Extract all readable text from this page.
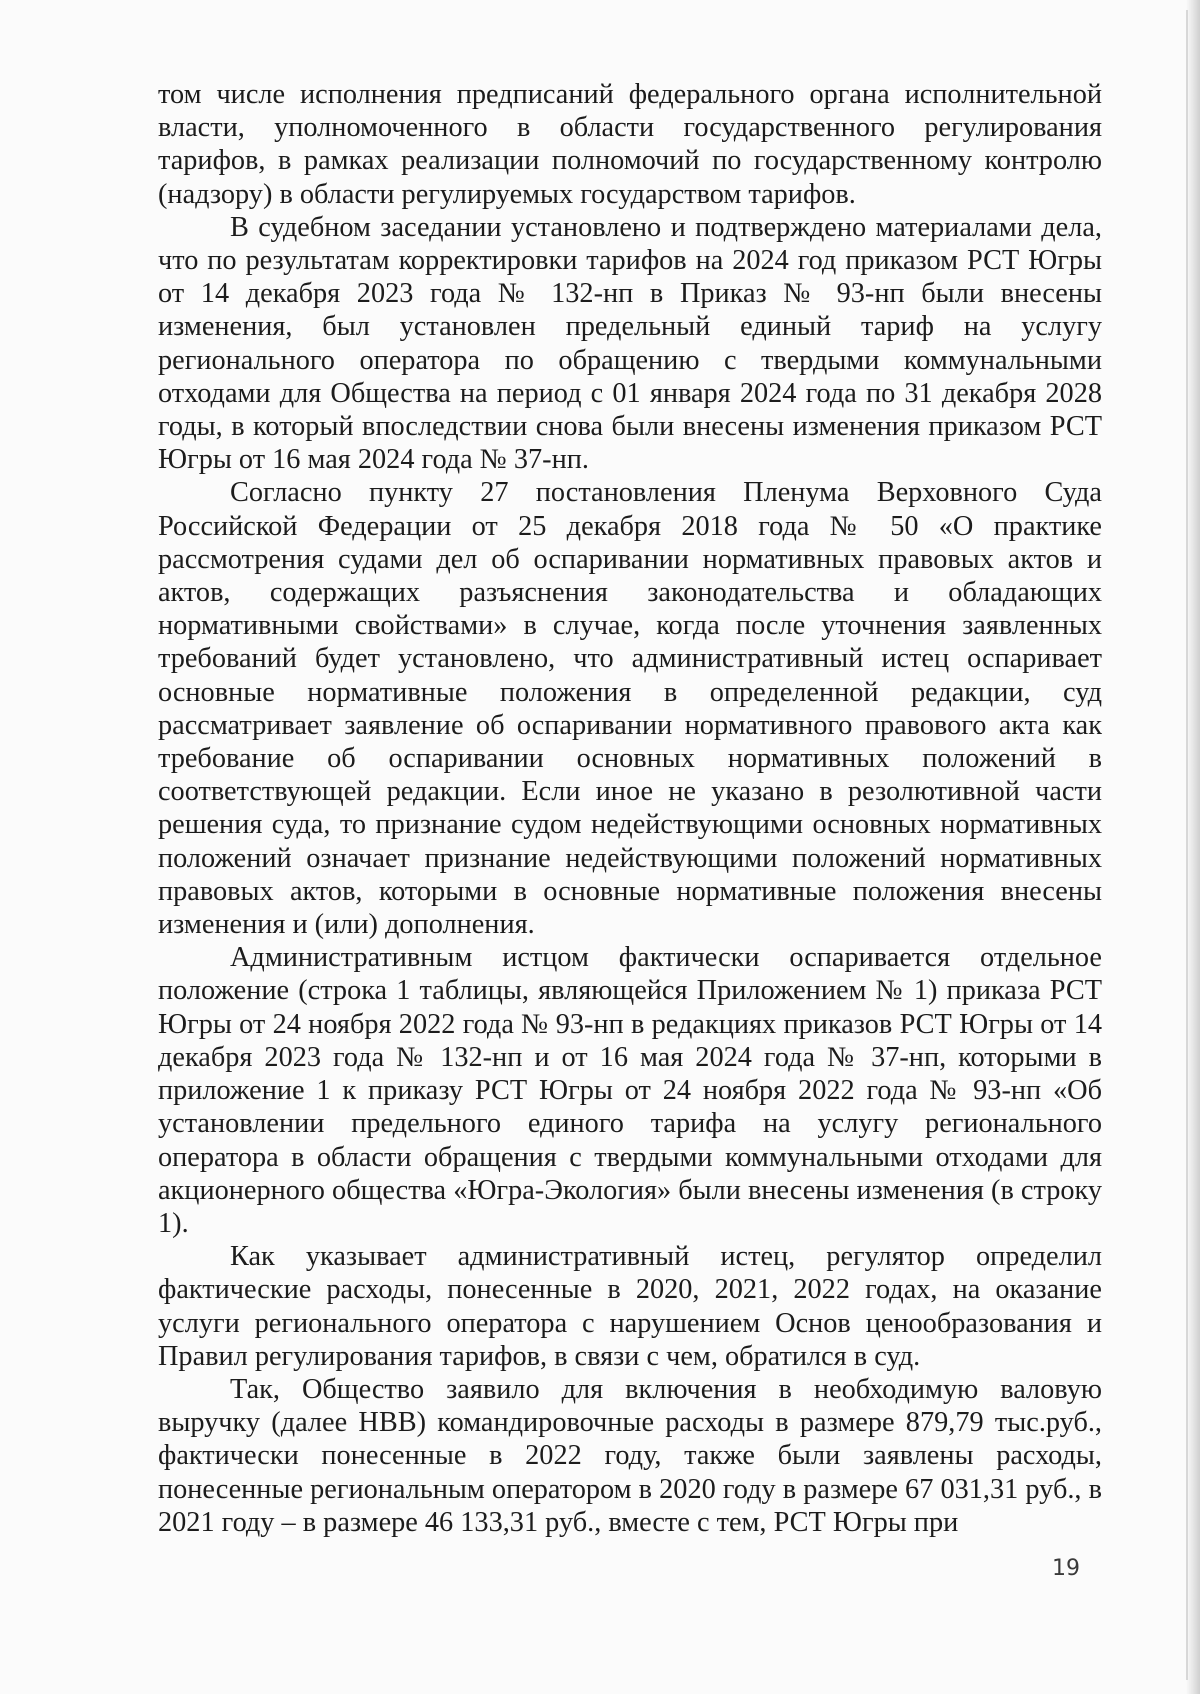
том числе исполнения предписаний федерального органа исполнительной власти, уполномоченного в области государственного регулирования тарифов, в рамках реализации полномочий по государственному контролю (надзору) в области регулируемых государством тарифов.

В судебном заседании установлено и подтверждено материалами дела, что по результатам корректировки тарифов на 2024 год приказом РСТ Югры от 14 декабря 2023 года № 132-нп в Приказ № 93-нп были внесены изменения, был установлен предельный единый тариф на услугу регионального оператора по обращению с твердыми коммунальными отходами для Общества на период с 01 января 2024 года по 31 декабря 2028 годы, в который впоследствии снова были внесены изменения приказом РСТ Югры от 16 мая 2024 года № 37-нп.

Согласно пункту 27 постановления Пленума Верховного Суда Российской Федерации от 25 декабря 2018 года № 50 «О практике рассмотрения судами дел об оспаривании нормативных правовых актов и актов, содержащих разъяснения законодательства и обладающих нормативными свойствами» в случае, когда после уточнения заявленных требований будет установлено, что административный истец оспаривает основные нормативные положения в определенной редакции, суд рассматривает заявление об оспаривании нормативного правового акта как требование об оспаривании основных нормативных положений в соответствующей редакции. Если иное не указано в резолютивной части решения суда, то признание судом недействующими основных нормативных положений означает признание недействующими положений нормативных правовых актов, которыми в основные нормативные положения внесены изменения и (или) дополнения.

Административным истцом фактически оспаривается отдельное положение (строка 1 таблицы, являющейся Приложением № 1) приказа РСТ Югры от 24 ноября 2022 года № 93-нп в редакциях приказов РСТ Югры от 14 декабря 2023 года № 132-нп и от 16 мая 2024 года № 37-нп, которыми в приложение 1 к приказу РСТ Югры от 24 ноября 2022 года № 93-нп «Об установлении предельного единого тарифа на услугу регионального оператора в области обращения с твердыми коммунальными отходами для акционерного общества «Югра-Экология» были внесены изменения (в строку 1).

Как указывает административный истец, регулятор определил фактические расходы, понесенные в 2020, 2021, 2022 годах, на оказание услуги регионального оператора с нарушением Основ ценообразования и Правил регулирования тарифов, в связи с чем, обратился в суд.

Так, Общество заявило для включения в необходимую валовую выручку (далее НВВ) командировочные расходы в размере 879,79 тыс.руб., фактически понесенные в 2022 году, также были заявлены расходы, понесенные региональным оператором в 2020 году в размере 67 031,31 руб., в 2021 году – в размере 46 133,31 руб., вместе с тем, РСТ Югры при

19
